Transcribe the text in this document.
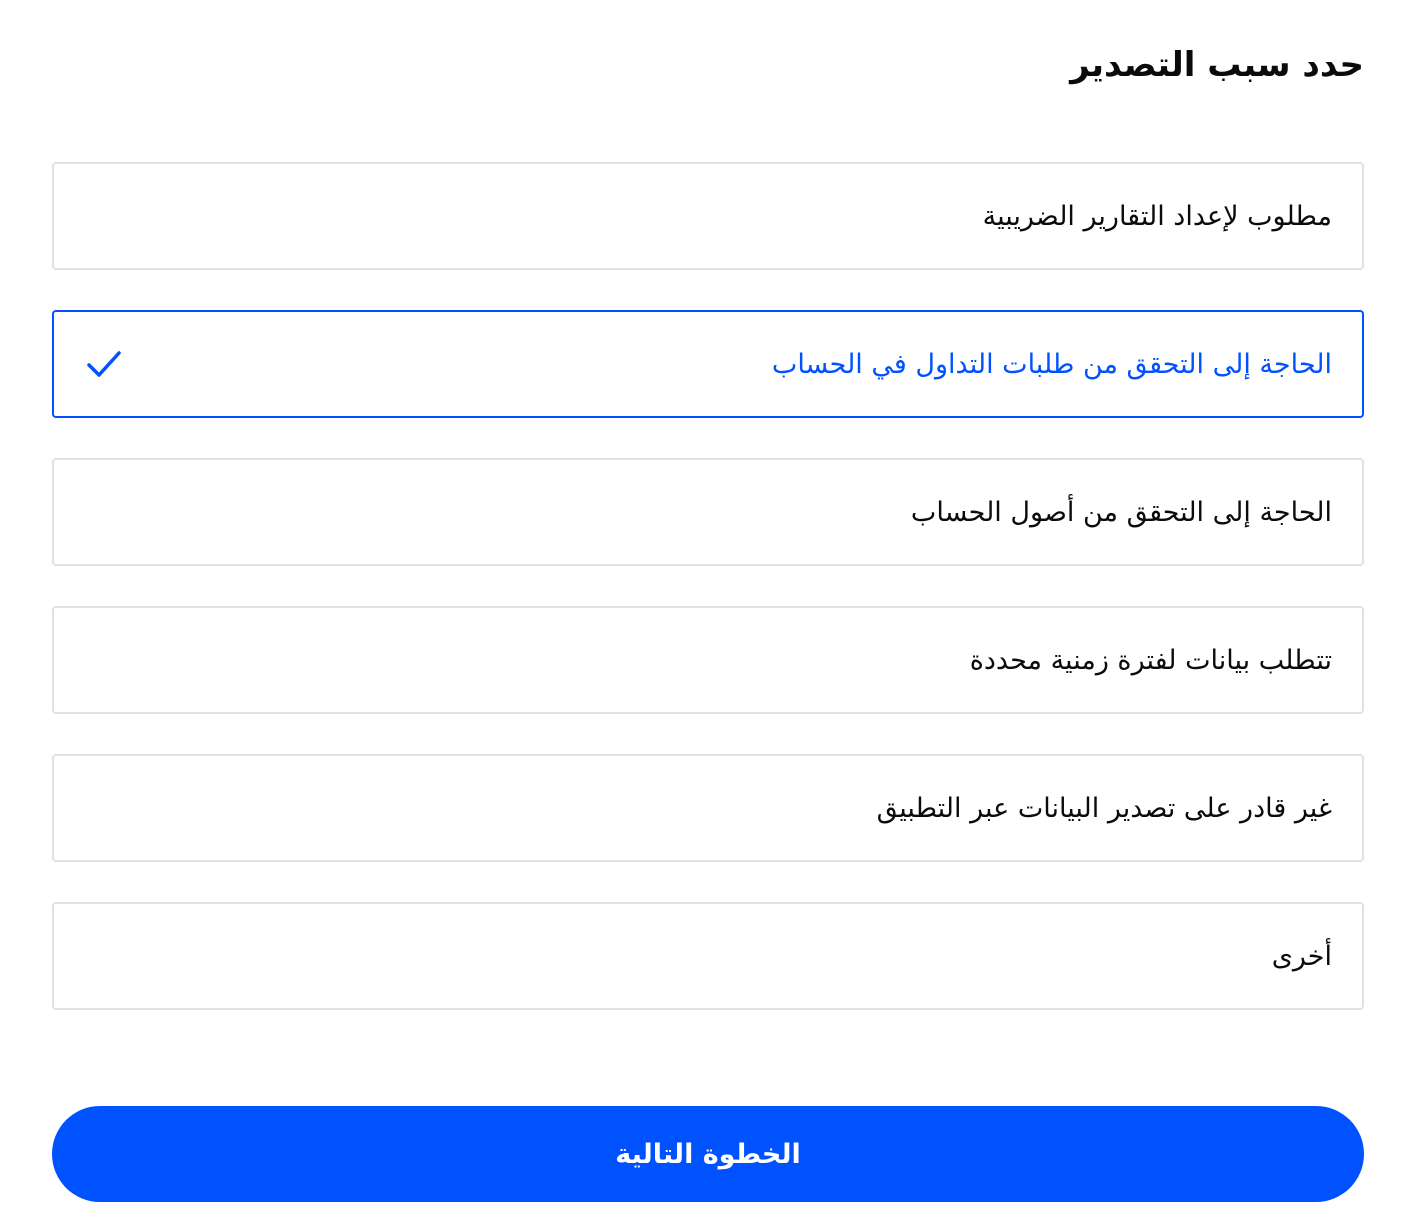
حدد سبب التصدير
مطلوب لإعداد التقارير الضريبية
الحاجة إلى التحقق من طلبات التداول في الحساب
الحاجة إلى التحقق من أصول الحساب
تتطلب بيانات لفترة زمنية محددة
غير قادر على تصدير البيانات عبر التطبيق
أخرى
الخطوة التالية
